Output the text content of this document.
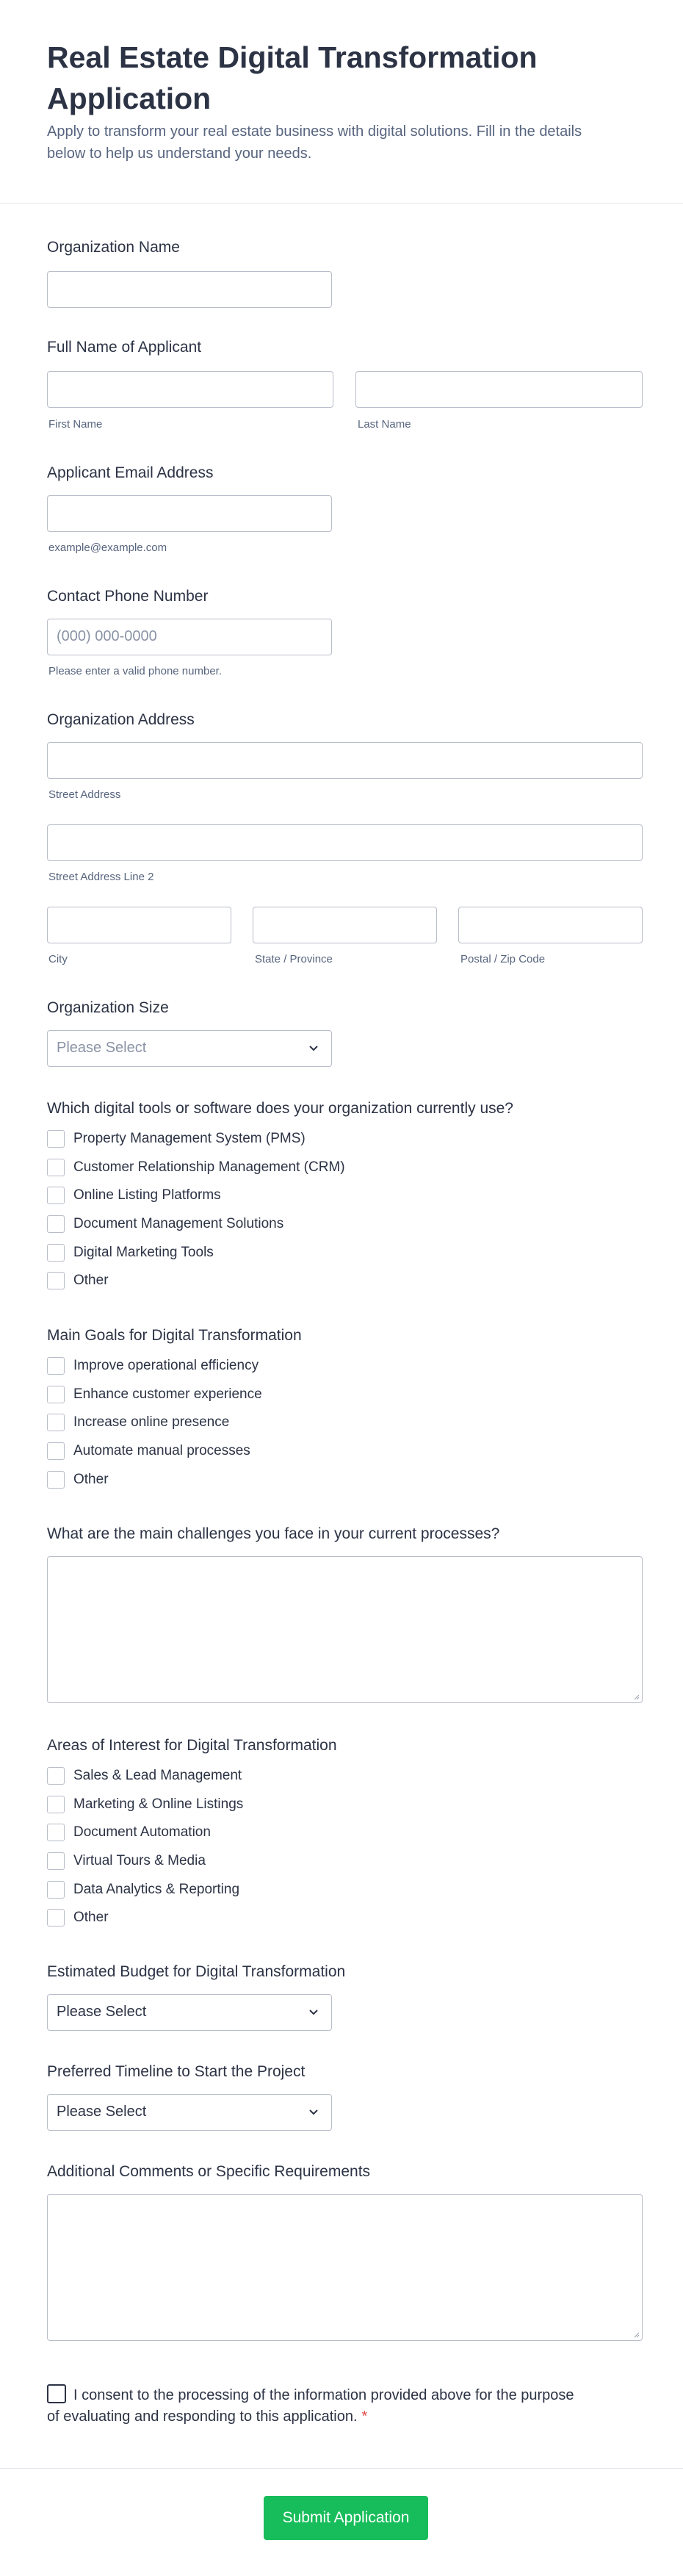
Real Estate Digital Transformation Application
Apply to transform your real estate business with digital solutions. Fill in the details below to help us understand your needs.
Organization Name
Full Name of Applicant
First Name	Last Name
Applicant Email Address
example@example.com
Contact Phone Number
(000) 000-0000
Please enter a valid phone number.
Organization Address
Street Address
Street Address Line 2
City	State / Province	Postal / Zip Code
Organization Size
Please Select
Which digital tools or software does your organization currently use?
Property Management System (PMS)
Customer Relationship Management (CRM)
Online Listing Platforms
Document Management Solutions
Digital Marketing Tools
Other
Main Goals for Digital Transformation
Improve operational efficiency
Enhance customer experience
Increase online presence
Automate manual processes
Other
What are the main challenges you face in your current processes?
Areas of Interest for Digital Transformation
Sales & Lead Management
Marketing & Online Listings
Document Automation
Virtual Tours & Media
Data Analytics & Reporting
Other
Estimated Budget for Digital Transformation
Please Select
Preferred Timeline to Start the Project
Please Select
Additional Comments or Specific Requirements
I consent to the processing of the information provided above for the purpose of evaluating and responding to this application. *
Submit Application
